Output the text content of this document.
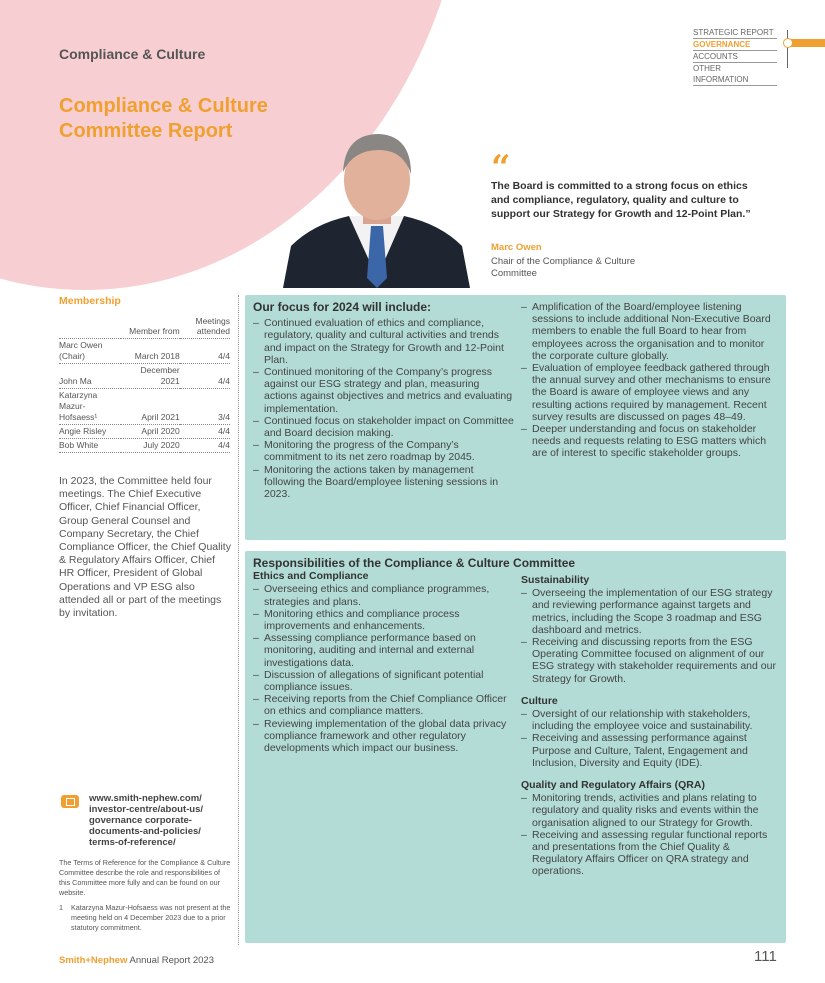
Compliance & Culture
Compliance & Culture
Committee Report
STRATEGIC REPORT
GOVERNANCE
ACCOUNTS
OTHER INFORMATION
“
The Board is committed to a strong focus on ethics and compliance, regulatory, quality and culture to support our Strategy for Growth and 12-Point Plan.”
Marc Owen
Chair of the Compliance & Culture Committee
Membership
	Member from	Meetings attended
Marc Owen (Chair)	March 2018	4/4
John Ma	December 2021	4/4
Katarzyna Mazur-Hofsaess¹	April 2021	3/4
Angie Risley	April 2020	4/4
Bob White	July 2020	4/4
In 2023, the Committee held four meetings. The Chief Executive Officer, Chief Financial Officer, Group General Counsel and Company Secretary, the Chief Compliance Officer, the Chief Quality & Regulatory Affairs Officer, Chief HR Officer, President of Global Operations and VP ESG also attended all or part of the meetings by invitation.
www.smith-nephew.com/ investor-centre/about-us/ governance corporate- documents-and-policies/ terms-of-reference/
The Terms of Reference for the Compliance & Culture Committee describe the role and responsibilities of this Committee more fully and can be found on our website.
1 Katarzyna Mazur-Hofsaess was not present at the meeting held on 4 December 2023 due to a prior statutory commitment.
Our focus for 2024 will include:
– Continued evaluation of ethics and compliance, regulatory, quality and cultural activities and trends and impact on the Strategy for Growth and 12-Point Plan.
– Continued monitoring of the Company’s progress against our ESG strategy and plan, measuring actions against objectives and metrics and evaluating implementation.
– Continued focus on stakeholder impact on Committee and Board decision making.
– Monitoring the progress of the Company’s commitment to its net zero roadmap by 2045.
– Monitoring the actions taken by management following the Board/employee listening sessions in 2023.
– Amplification of the Board/employee listening sessions to include additional Non-Executive Board members to enable the full Board to hear from employees across the organisation and to monitor the corporate culture globally.
– Evaluation of employee feedback gathered through the annual survey and other mechanisms to ensure the Board is aware of employee views and any resulting actions required by management. Recent survey results are discussed on pages 48–49.
– Deeper understanding and focus on stakeholder needs and requests relating to ESG matters which are of interest to specific stakeholder groups.
Responsibilities of the Compliance & Culture Committee
Ethics and Compliance
– Overseeing ethics and compliance programmes, strategies and plans.
– Monitoring ethics and compliance process improvements and enhancements.
– Assessing compliance performance based on monitoring, auditing and internal and external investigations data.
– Discussion of allegations of significant potential compliance issues.
– Receiving reports from the Chief Compliance Officer on ethics and compliance matters.
– Reviewing implementation of the global data privacy compliance framework and other regulatory developments which impact our business.
Sustainability
– Overseeing the implementation of our ESG strategy and reviewing performance against targets and metrics, including the Scope 3 roadmap and ESG dashboard and metrics.
– Receiving and discussing reports from the ESG Operating Committee focused on alignment of our ESG strategy with stakeholder requirements and our Strategy for Growth.
Culture
– Oversight of our relationship with stakeholders, including the employee voice and sustainability.
– Receiving and assessing performance against Purpose and Culture, Talent, Engagement and Inclusion, Diversity and Equity (IDE).
Quality and Regulatory Affairs (QRA)
– Monitoring trends, activities and plans relating to regulatory and quality risks and events within the organisation aligned to our Strategy for Growth.
– Receiving and assessing regular functional reports and presentations from the Chief Quality & Regulatory Affairs Officer on QRA strategy and operations.
Smith+Nephew Annual Report 2023	111
